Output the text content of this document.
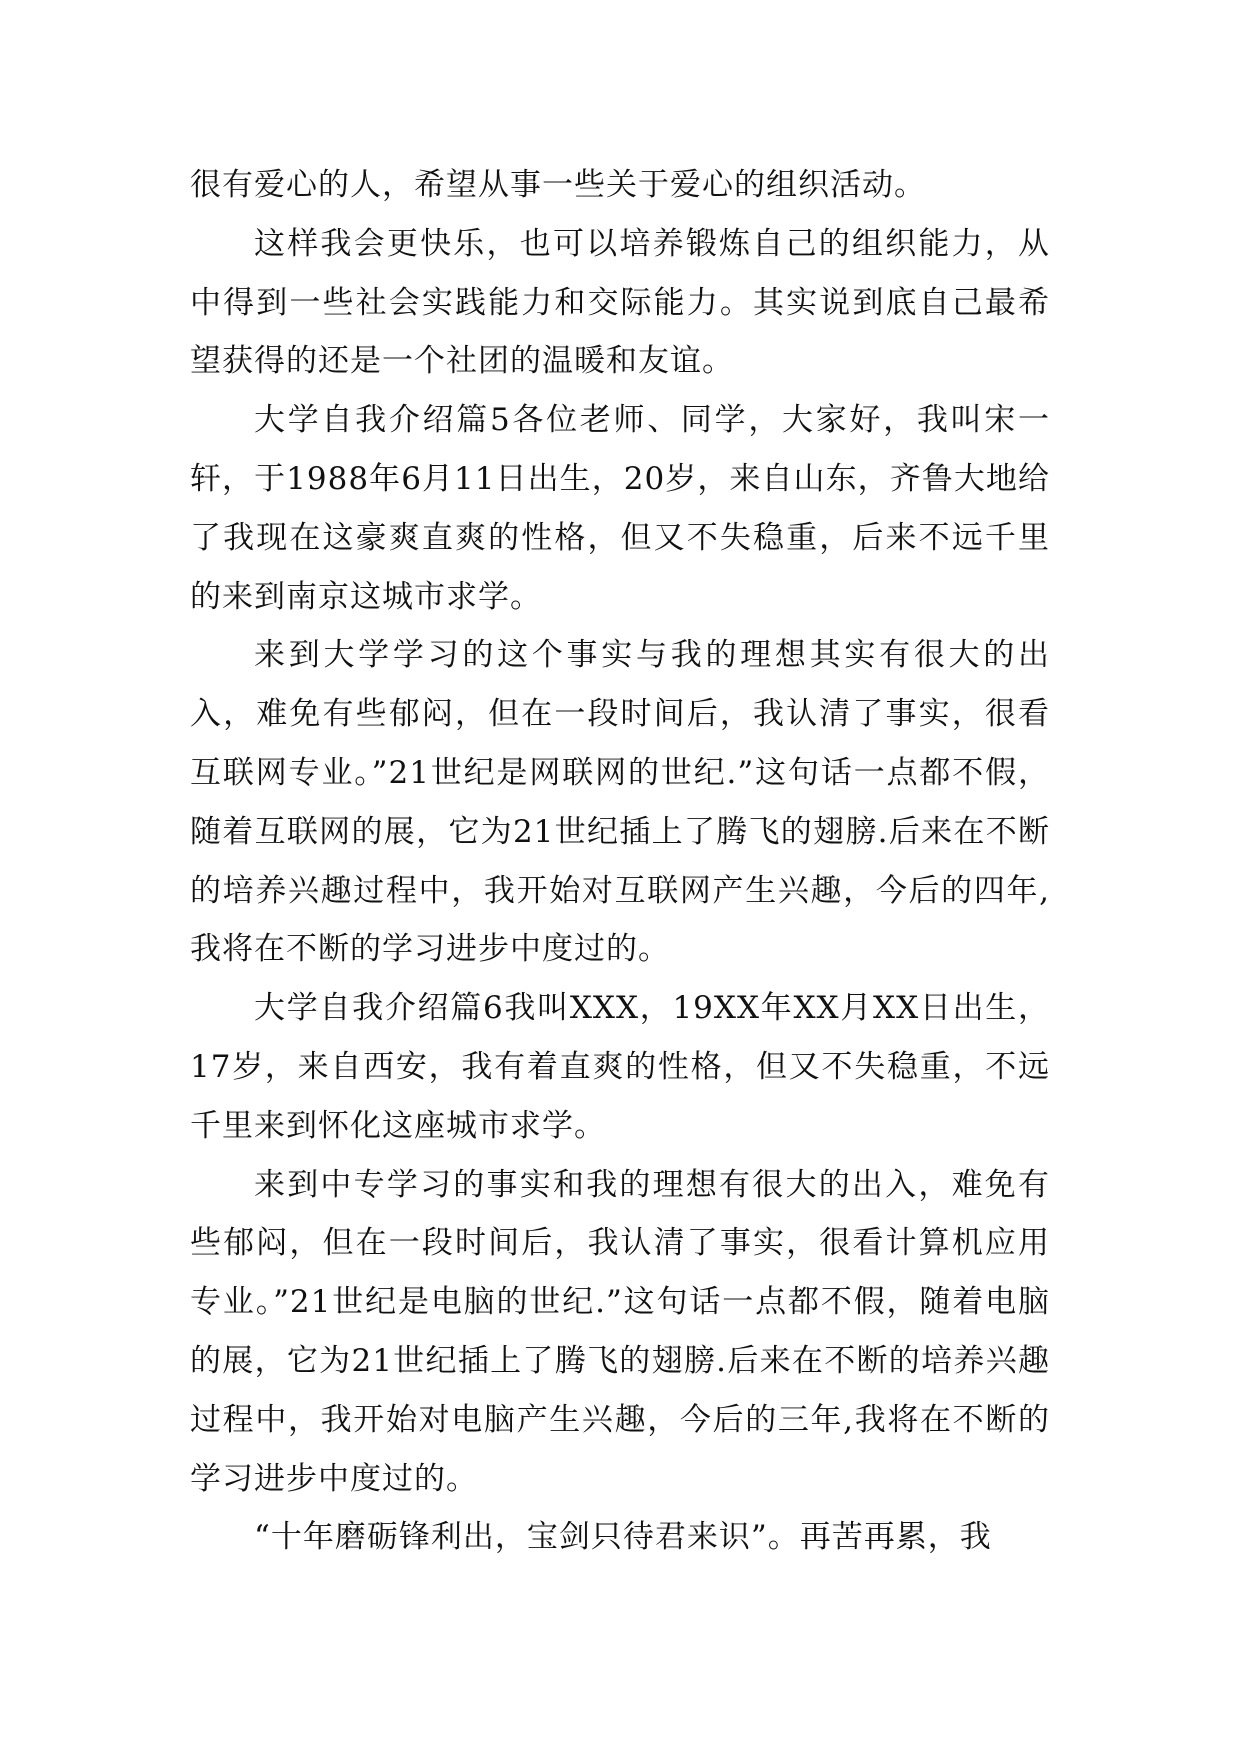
很有爱心的人，希望从事一些关于爱心的组织活动。

这样我会更快乐，也可以培养锻炼自己的组织能力，从中得到一些社会实践能力和交际能力。其实说到底自己最希望获得的还是一个社团的温暖和友谊。

大学自我介绍篇5各位老师、同学，大家好，我叫宋一轩，于1988年6月11日出生，20岁，来自山东，齐鲁大地给了我现在这豪爽直爽的性格，但又不失稳重，后来不远千里的来到南京这城市求学。

来到大学学习的这个事实与我的理想其实有很大的出入，难免有些郁闷，但在一段时间后，我认清了事实，很看互联网专业。”21世纪是网联网的世纪.”这句话一点都不假，随着互联网的展，它为21世纪插上了腾飞的翅膀.后来在不断的培养兴趣过程中，我开始对互联网产生兴趣，今后的四年,我将在不断的学习进步中度过的。

大学自我介绍篇6我叫XXX，19XX年XX月XX日出生，17岁，来自西安，我有着直爽的性格，但又不失稳重，不远千里来到怀化这座城市求学。

来到中专学习的事实和我的理想有很大的出入，难免有些郁闷，但在一段时间后，我认清了事实，很看计算机应用专业。”21世纪是电脑的世纪.”这句话一点都不假，随着电脑的展，它为21世纪插上了腾飞的翅膀.后来在不断的培养兴趣过程中，我开始对电脑产生兴趣，今后的三年,我将在不断的学习进步中度过的。

“十年磨砺锋利出，宝剑只待君来识”。再苦再累，我
